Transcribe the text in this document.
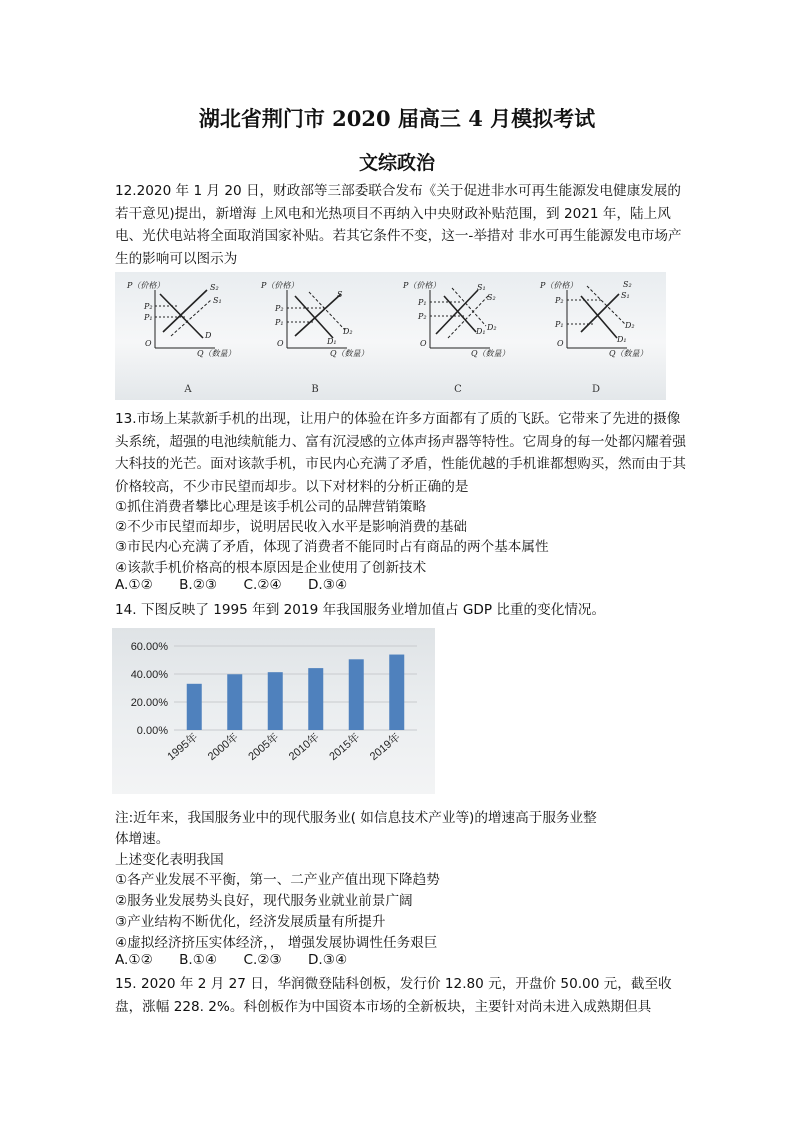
湖北省荆门市 2020 届高三 4 月模拟考试
文综政治
12.2020 年 1 月 20 日，财政部等三部委联合发布《关于促进非水可再生能源发电健康发展的若干意见)提出，新增海 上风电和光热项目不再纳入中央财政补贴范围，到 2021 年，陆上风电、光伏电站将全面取消国家补贴。若其它条件不变，这一-举措对 非水可再生能源发电市场产生的影响可以图示为
P（价格）
Q（数量）
S₂
S₁
D
P₂
P₁
O
P（价格）
Q（数量）
S
D₂
D₁
P₂
P₁
O
P（价格）
Q（数量）
S₁
S₂
D₁ D₂
P₁
P₂
O
P（价格）
Q（数量）
S₂
S₁
D₂
D₁
P₂
P₁
O
A	B	C	D
13.市场上某款新手机的出现，让用户的体验在许多方面都有了质的飞跃。它带来了先进的摄像头系统，超强的电池续航能力、富有沉浸感的立体声扬声器等特性。它周身的每一处都闪耀着强大科技的光芒。面对该款手机，市民内心充满了矛盾，性能优越的手机谁都想购买，然而由于其价格较高，不少市民望而却步。以下对材料的分析正确的是
①抓住消费者攀比心理是该手机公司的品牌营销策略
②不少市民望而却步，说明居民收入水平是影响消费的基础
③市民内心充满了矛盾，体现了消费者不能同时占有商品的两个基本属性
④该款手机价格高的根本原因是企业使用了创新技术
A.①② B.②③ C.②④ D.③④
14. 下图反映了 1995 年到 2019 年我国服务业增加值占 GDP 比重的变化情况。
0.00%
20.00%
40.00%
60.00%
1995年 2000年 2005年 2010年 2015年 2019年
注:近年来，我国服务业中的现代服务业( 如信息技术产业等)的增速高于服务业整
体增速。
上述变化表明我国
①各产业发展不平衡，第一、二产业产值出现下降趋势
②服务业发展势头良好，现代服务业就业前景广阔
③产业结构不断优化，经济发展质量有所提升
④虚拟经济挤压实体经济，， 增强发展协调性任务艰巨
A.①② B.①④ C.②③ D.③④
15. 2020 年 2 月 27 日，华润微登陆科创板，发行价 12.80 元，开盘价 50.00 元，截至收盘，涨幅 228. 2%。科创板作为中国资本市场的全新板块，主要针对尚未进入成熟期但具
